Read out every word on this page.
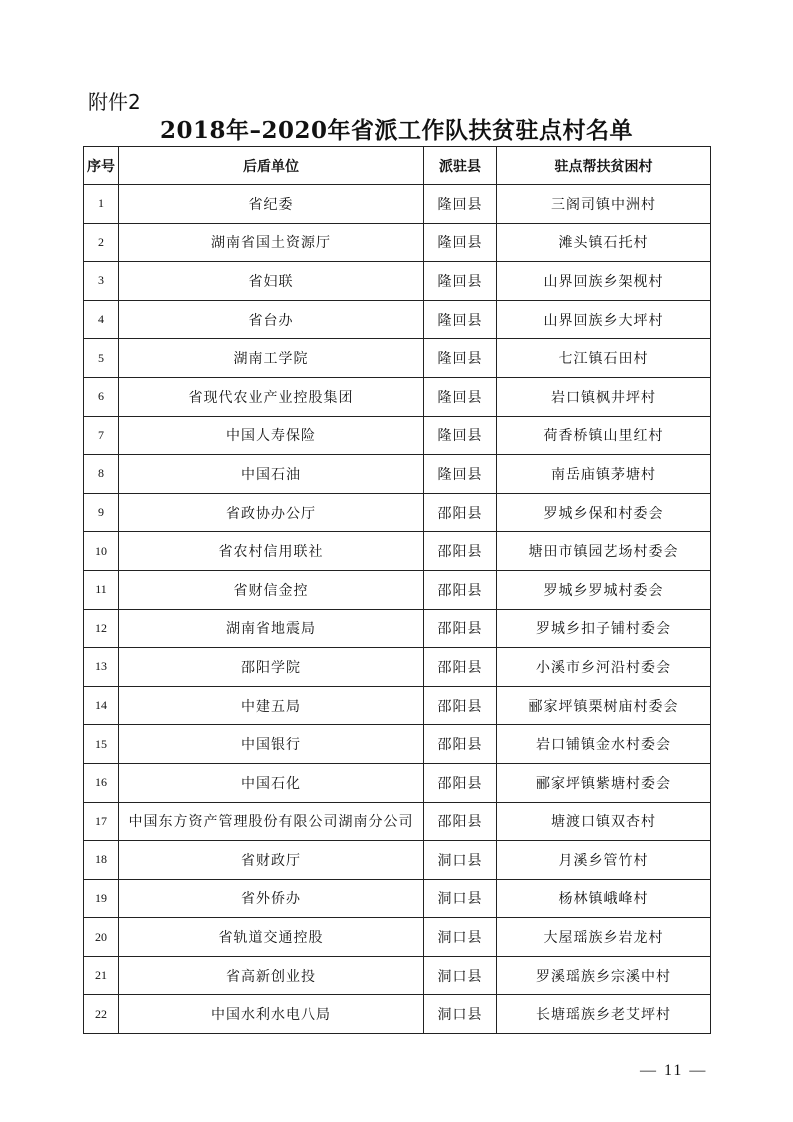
附件2
2018年–2020年省派工作队扶贫驻点村名单
序号	后盾单位	派驻县	驻点帮扶贫困村
1	省纪委	隆回县	三阁司镇中洲村
2	湖南省国土资源厅	隆回县	滩头镇石托村
3	省妇联	隆回县	山界回族乡架枧村
4	省台办	隆回县	山界回族乡大坪村
5	湖南工学院	隆回县	七江镇石田村
6	省现代农业产业控股集团	隆回县	岩口镇枫井坪村
7	中国人寿保险	隆回县	荷香桥镇山里红村
8	中国石油	隆回县	南岳庙镇茅塘村
9	省政协办公厅	邵阳县	罗城乡保和村委会
10	省农村信用联社	邵阳县	塘田市镇园艺场村委会
11	省财信金控	邵阳县	罗城乡罗城村委会
12	湖南省地震局	邵阳县	罗城乡扣子铺村委会
13	邵阳学院	邵阳县	小溪市乡河沿村委会
14	中建五局	邵阳县	郦家坪镇栗树庙村委会
15	中国银行	邵阳县	岩口铺镇金水村委会
16	中国石化	邵阳县	郦家坪镇紫塘村委会
17	中国东方资产管理股份有限公司湖南分公司	邵阳县	塘渡口镇双杏村
18	省财政厅	洞口县	月溪乡管竹村
19	省外侨办	洞口县	杨林镇峨峰村
20	省轨道交通控股	洞口县	大屋瑶族乡岩龙村
21	省高新创业投	洞口县	罗溪瑶族乡宗溪中村
22	中国水利水电八局	洞口县	长塘瑶族乡老艾坪村
— 11 —
